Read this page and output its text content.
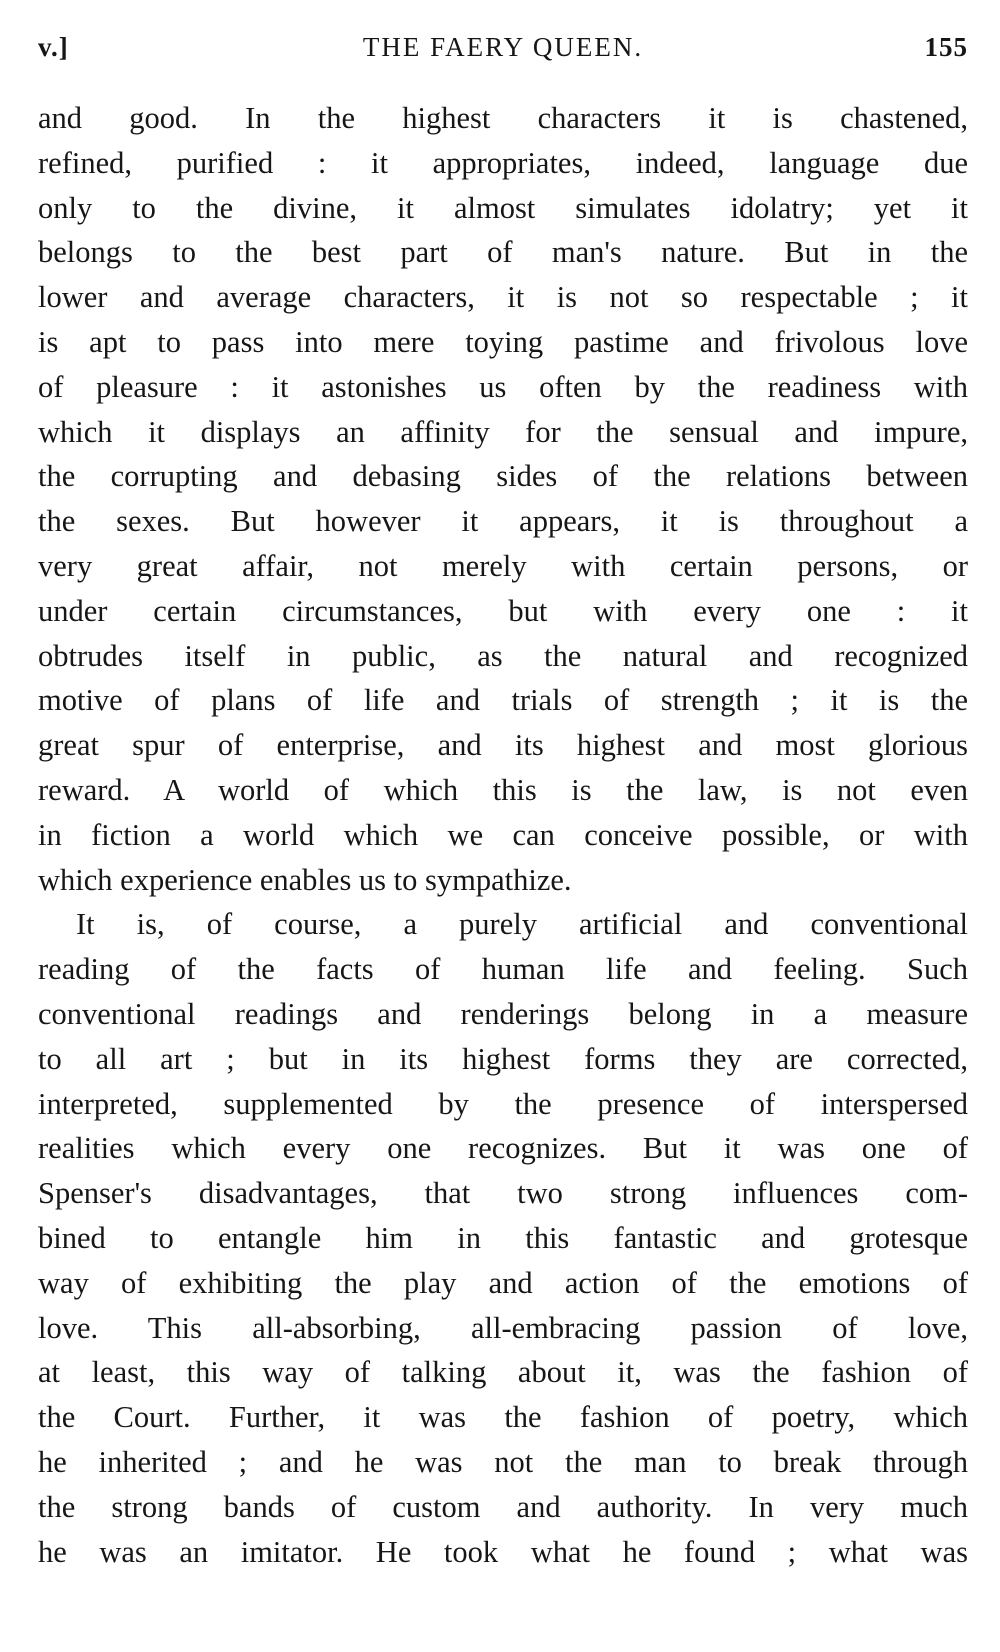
v.]	THE FAERY QUEEN.	155
and good. In the highest characters it is chastened,
refined, purified : it appropriates, indeed, language due
only to the divine, it almost simulates idolatry; yet it
belongs to the best part of man's nature. But in the
lower and average characters, it is not so respectable ; it
is apt to pass into mere toying pastime and frivolous love
of pleasure : it astonishes us often by the readiness with
which it displays an affinity for the sensual and impure,
the corrupting and debasing sides of the relations between
the sexes. But however it appears, it is throughout a
very great affair, not merely with certain persons, or
under certain circumstances, but with every one : it
obtrudes itself in public, as the natural and recognized
motive of plans of life and trials of strength ; it is the
great spur of enterprise, and its highest and most glorious
reward. A world of which this is the law, is not even
in fiction a world which we can conceive possible, or with
which experience enables us to sympathize.
It is, of course, a purely artificial and conventional
reading of the facts of human life and feeling. Such
conventional readings and renderings belong in a measure
to all art ; but in its highest forms they are corrected,
interpreted, supplemented by the presence of interspersed
realities which every one recognizes. But it was one of
Spenser's disadvantages, that two strong influences com-
bined to entangle him in this fantastic and grotesque
way of exhibiting the play and action of the emotions of
love. This all-absorbing, all-embracing passion of love,
at least, this way of talking about it, was the fashion of
the Court. Further, it was the fashion of poetry, which
he inherited ; and he was not the man to break through
the strong bands of custom and authority. In very much
he was an imitator. He took what he found ; what was
